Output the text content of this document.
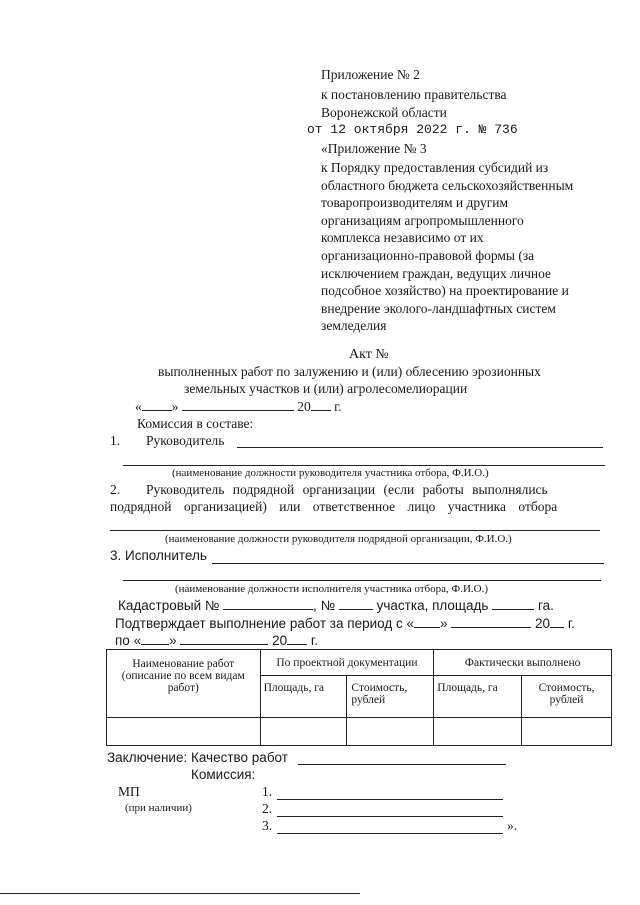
Приложение № 2
к постановлению правительства
Воронежской области
от 12 октября 2022 г. № 736
«Приложение № 3
к Порядку предоставления субсидий из
областного бюджета сельскохозяйственным
товаропроизводителям и другим
организациям агропромышленного
комплекса независимо от их
организационно-правовой формы (за
исключением граждан, ведущих личное
подсобное хозяйство) на проектирование и
внедрение эколого-ландшафтных систем
земледелия
Акт №
выполненных работ по залужению и (или) облесению эрозионных
земельных участков и (или) агролесомелиорации
« »	20 г.
Комиссия в составе:
1. Руководитель
(наименование должности руководителя участника отбора, Ф.И.О.)
2. Руководитель подрядной организации (если работы выполнялись
подрядной организацией) или ответственное лицо участника отбора
(наименование должности руководителя подрядной организации, Ф.И.О.)
3. Исполнитель
(наименование должности исполнителя участника отбора, Ф.И.О.)
Кадастровый №	, №	участка, площадь	га.
Подтверждает выполнение работ за период с « »	20 г.
по « »	20 г.
Наименование работ (описание по всем видам работ)	По проектной документации		Фактически выполнено	
	Площадь, га	Стоимость, рублей	Площадь, га	Стоимость, рублей

Заключение: Качество работ
Комиссия:
МП
(при наличии)
1.
2.
3.	».
